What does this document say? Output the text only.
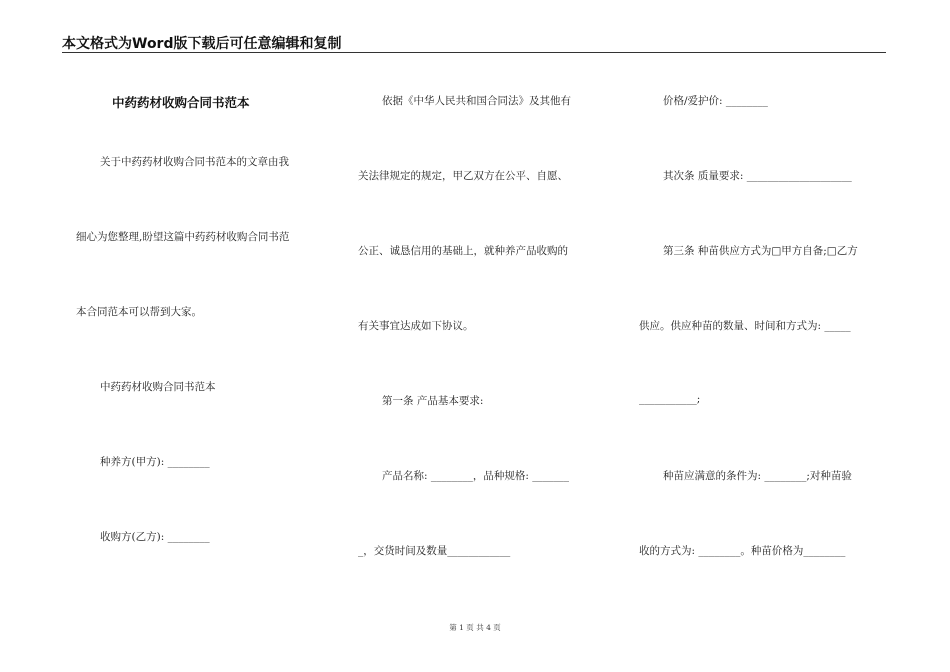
本文格式为Word版下载后可任意编辑和复制
中药药材收购合同书范本
关于中药药材收购合同书范本的文章由我
细心为您整理,盼望这篇中药药材收购合同书范
本合同范本可以帮到大家。
中药药材收购合同书范本
种养方(甲方): ________
收购方(乙方): ________
依据《中华人民共和国合同法》及其他有
关法律规定的规定，甲乙双方在公平、自愿、
公正、诚恳信用的基础上，就种养产品收购的
有关事宜达成如下协议。
第一条 产品基本要求:
产品名称: ________，品种规格: _______
_，交货时间及数量____________
价格/爱护价: ________
其次条 质量要求: ____________________
第三条 种苗供应方式为□甲方自备;□乙方
供应。供应种苗的数量、时间和方式为: _____
___________;
种苗应满意的条件为: ________;对种苗验
收的方式为: ________。种苗价格为________
第 1 页 共 4 页
